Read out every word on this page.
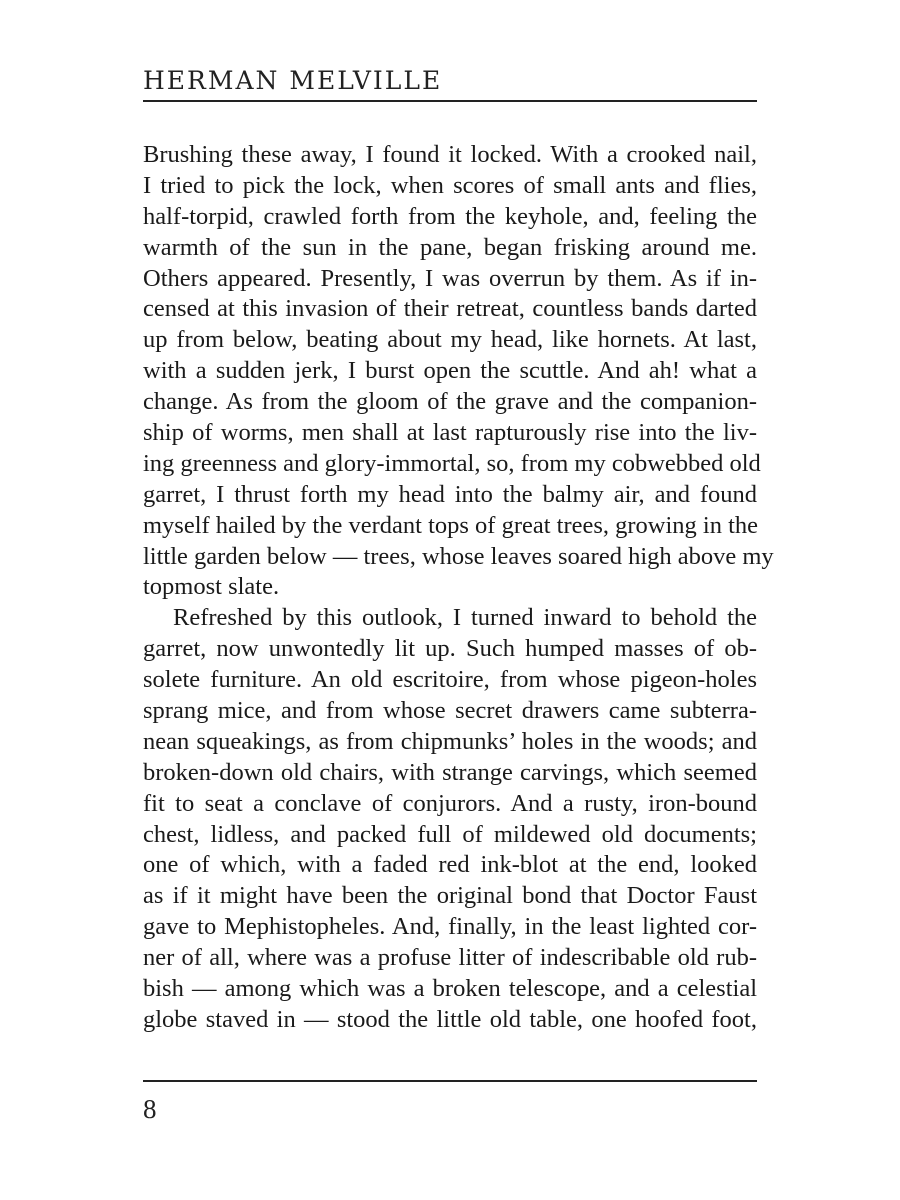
HERMAN MELVILLE
Brushing these away, I found it locked. With a crooked nail,
I tried to pick the lock, when scores of small ants and flies,
half-torpid, crawled forth from the keyhole, and, feeling the
warmth of the sun in the pane, began frisking around me.
Others appeared. Presently, I was overrun by them. As if in-
censed at this invasion of their retreat, countless bands darted
up from below, beating about my head, like hornets. At last,
with a sudden jerk, I burst open the scuttle. And ah! what a
change. As from the gloom of the grave and the companion-
ship of worms, men shall at last rapturously rise into the liv-
ing greenness and glory-immortal, so, from my cobwebbed old
garret, I thrust forth my head into the balmy air, and found
myself hailed by the verdant tops of great trees, growing in the
little garden below — trees, whose leaves soared high above my
topmost slate.
Refreshed by this outlook, I turned inward to behold the
garret, now unwontedly lit up. Such humped masses of ob-
solete furniture. An old escritoire, from whose pigeon-holes
sprang mice, and from whose secret drawers came subterra-
nean squeakings, as from chipmunks’ holes in the woods; and
broken-down old chairs, with strange carvings, which seemed
fit to seat a conclave of conjurors. And a rusty, iron-bound
chest, lidless, and packed full of mildewed old documents;
one of which, with a faded red ink-blot at the end, looked
as if it might have been the original bond that Doctor Faust
gave to Mephistopheles. And, finally, in the least lighted cor-
ner of all, where was a profuse litter of indescribable old rub-
bish — among which was a broken telescope, and a celestial
globe staved in — stood the little old table, one hoofed foot,
8
